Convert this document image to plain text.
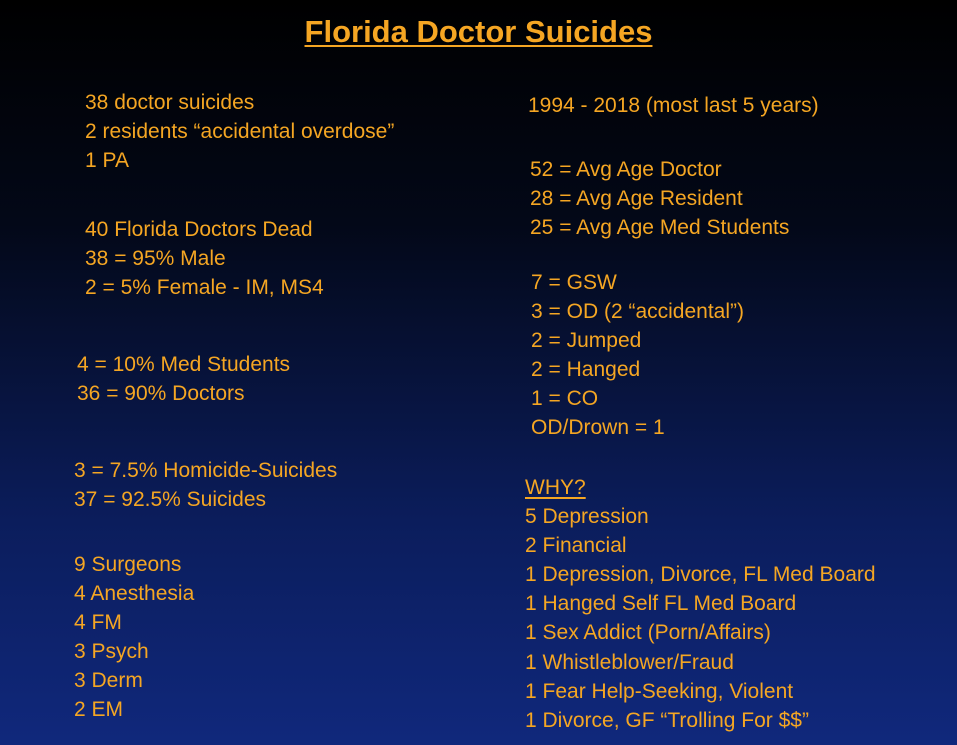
Florida Doctor Suicides
38 doctor suicides
2 residents “accidental overdose”
1 PA
40 Florida Doctors Dead
38 = 95% Male
2 = 5% Female - IM, MS4
4 = 10% Med Students
36 = 90% Doctors
3 = 7.5% Homicide-Suicides
37 = 92.5% Suicides
9 Surgeons
4 Anesthesia
4 FM
3 Psych
3 Derm
2 EM
1994 - 2018 (most last 5 years)
52 = Avg Age Doctor
28 = Avg Age Resident
25 = Avg Age Med Students
7 = GSW
3 = OD (2 “accidental”)
2 = Jumped
2 = Hanged
1 = CO
OD/Drown = 1
WHY?
5 Depression
2 Financial
1 Depression, Divorce, FL Med Board
1 Hanged Self FL Med Board
1 Sex Addict (Porn/Affairs)
1 Whistleblower/Fraud
1 Fear Help-Seeking, Violent
1 Divorce, GF “Trolling For $$”
